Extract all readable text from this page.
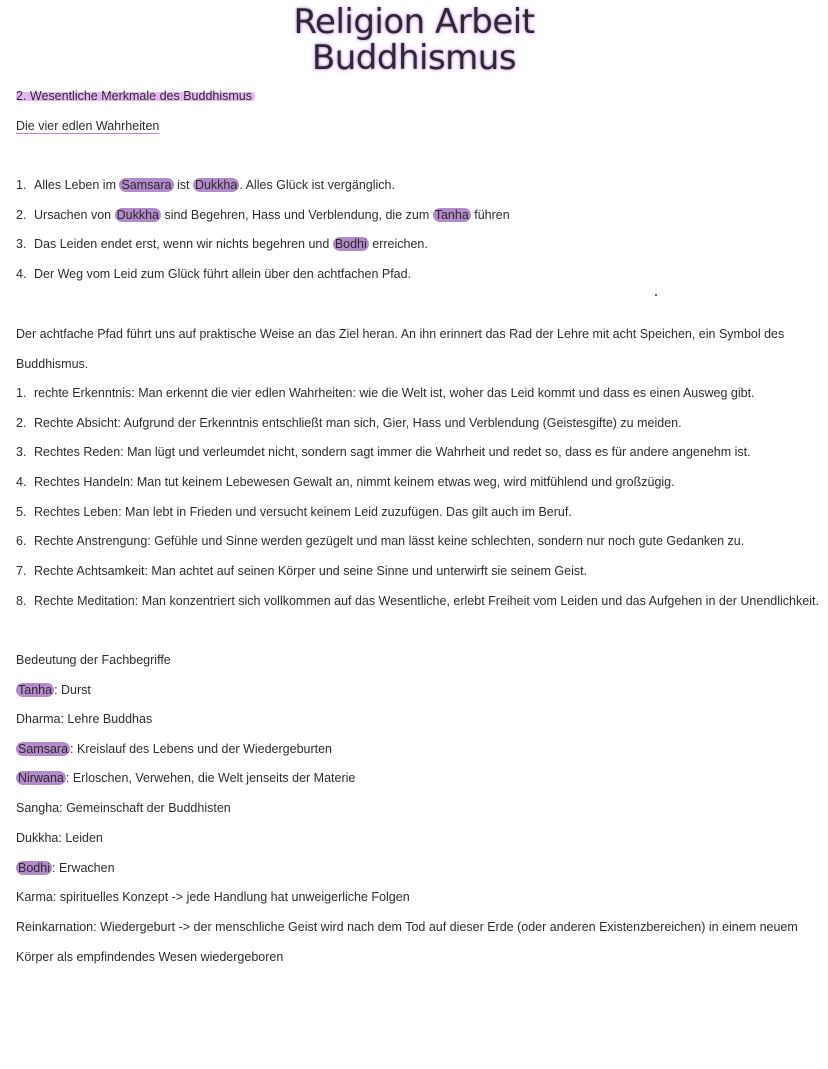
Religion Arbeit
Buddhismus
2. Wesentliche Merkmale des Buddhismus
Die vier edlen Wahrheiten
1. Alles Leben im Samsara ist Dukkha . Alles Glück ist vergänglich.
2. Ursachen von Dukkha sind Begehren, Hass und Verblendung, die zum Tanha führen
3. Das Leiden endet erst, wenn wir nichts begehren und Bodhi erreichen.
4. Der Weg vom Leid zum Glück führt allein über den achtfachen Pfad.
Der achtfache Pfad führt uns auf praktische Weise an das Ziel heran. An ihn erinnert das Rad der Lehre mit acht Speichen, ein Symbol des
Buddhismus.
1. rechte Erkenntnis: Man erkennt die vier edlen Wahrheiten: wie die Welt ist, woher das Leid kommt und dass es einen Ausweg gibt.
2. Rechte Absicht: Aufgrund der Erkenntnis entschließt man sich, Gier, Hass und Verblendung (Geistesgifte) zu meiden.
3. Rechtes Reden: Man lügt und verleumdet nicht, sondern sagt immer die Wahrheit und redet so, dass es für andere angenehm ist.
4. Rechtes Handeln: Man tut keinem Lebewesen Gewalt an, nimmt keinem etwas weg, wird mitfühlend und großzügig.
5. Rechtes Leben: Man lebt in Frieden und versucht keinem Leid zuzufügen. Das gilt auch im Beruf.
6. Rechte Anstrengung: Gefühle und Sinne werden gezügelt und man lässt keine schlechten, sondern nur noch gute Gedanken zu.
7. Rechte Achtsamkeit: Man achtet auf seinen Körper und seine Sinne und unterwirft sie seinem Geist.
8. Rechte Meditation: Man konzentriert sich vollkommen auf das Wesentliche, erlebt Freiheit vom Leiden und das Aufgehen in der Unendlichkeit.
Bedeutung der Fachbegriffe
Tanha : Durst
Dharma: Lehre Buddhas
Samsara : Kreislauf des Lebens und der Wiedergeburten
Nirwana : Erloschen, Verwehen, die Welt jenseits der Materie
Sangha: Gemeinschaft der Buddhisten
Dukkha: Leiden
Bodhi : Erwachen
Karma: spirituelles Konzept -> jede Handlung hat unweigerliche Folgen
Reinkarnation: Wiedergeburt -> der menschliche Geist wird nach dem Tod auf dieser Erde (oder anderen Existenzbereichen) in einem neuem
Körper als empfindendes Wesen wiedergeboren
